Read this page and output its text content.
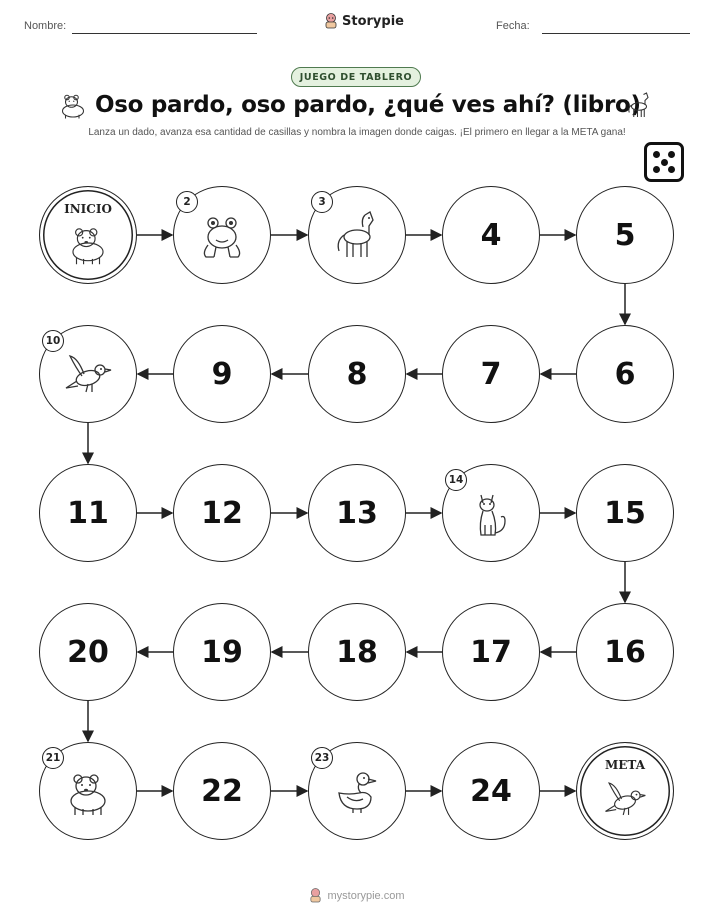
Nombre:	Storypie	Fecha:
JUEGO DE TABLERO
Oso pardo, oso pardo, ¿qué ves ahí? (libro)
Lanza un dado, avanza esa cantidad de casillas y nombra la imagen donde caigas. ¡El primero en llegar a la META gana!
INICIO	2	3
4	5
6
7
8
9
10
11	12	13
14
15
16
17
18
19
20
21
22
23
24
META
mystorypie.com
